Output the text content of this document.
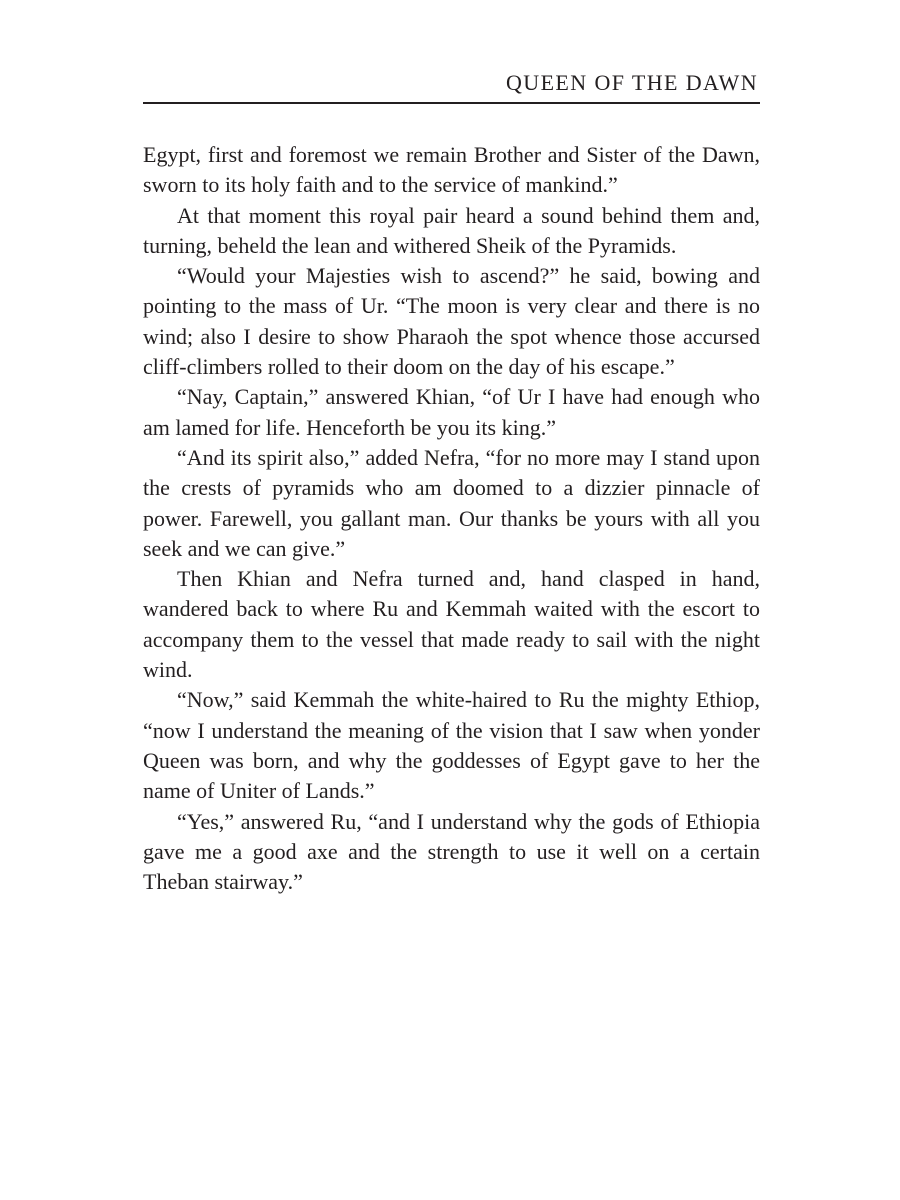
QUEEN OF THE DAWN

Egypt, first and foremost we remain Brother and Sister of the Dawn, sworn to its holy faith and to the service of mankind.”

At that moment this royal pair heard a sound behind them and, turning, beheld the lean and withered Sheik of the Pyramids.

“Would your Majesties wish to ascend?” he said, bowing and pointing to the mass of Ur. “The moon is very clear and there is no wind; also I desire to show Pharaoh the spot whence those accursed cliff-climbers rolled to their doom on the day of his escape.”

“Nay, Captain,” answered Khian, “of Ur I have had enough who am lamed for life. Henceforth be you its king.”

“And its spirit also,” added Nefra, “for no more may I stand upon the crests of pyramids who am doomed to a dizzier pinnacle of power. Farewell, you gallant man. Our thanks be yours with all you seek and we can give.”

Then Khian and Nefra turned and, hand clasped in hand, wandered back to where Ru and Kemmah waited with the escort to accompany them to the vessel that made ready to sail with the night wind.

“Now,” said Kemmah the white-haired to Ru the mighty Ethiop, “now I understand the meaning of the vision that I saw when yonder Queen was born, and why the goddesses of Egypt gave to her the name of Uniter of Lands.”

“Yes,” answered Ru, “and I understand why the gods of Ethiopia gave me a good axe and the strength to use it well on a certain Theban stairway.”
